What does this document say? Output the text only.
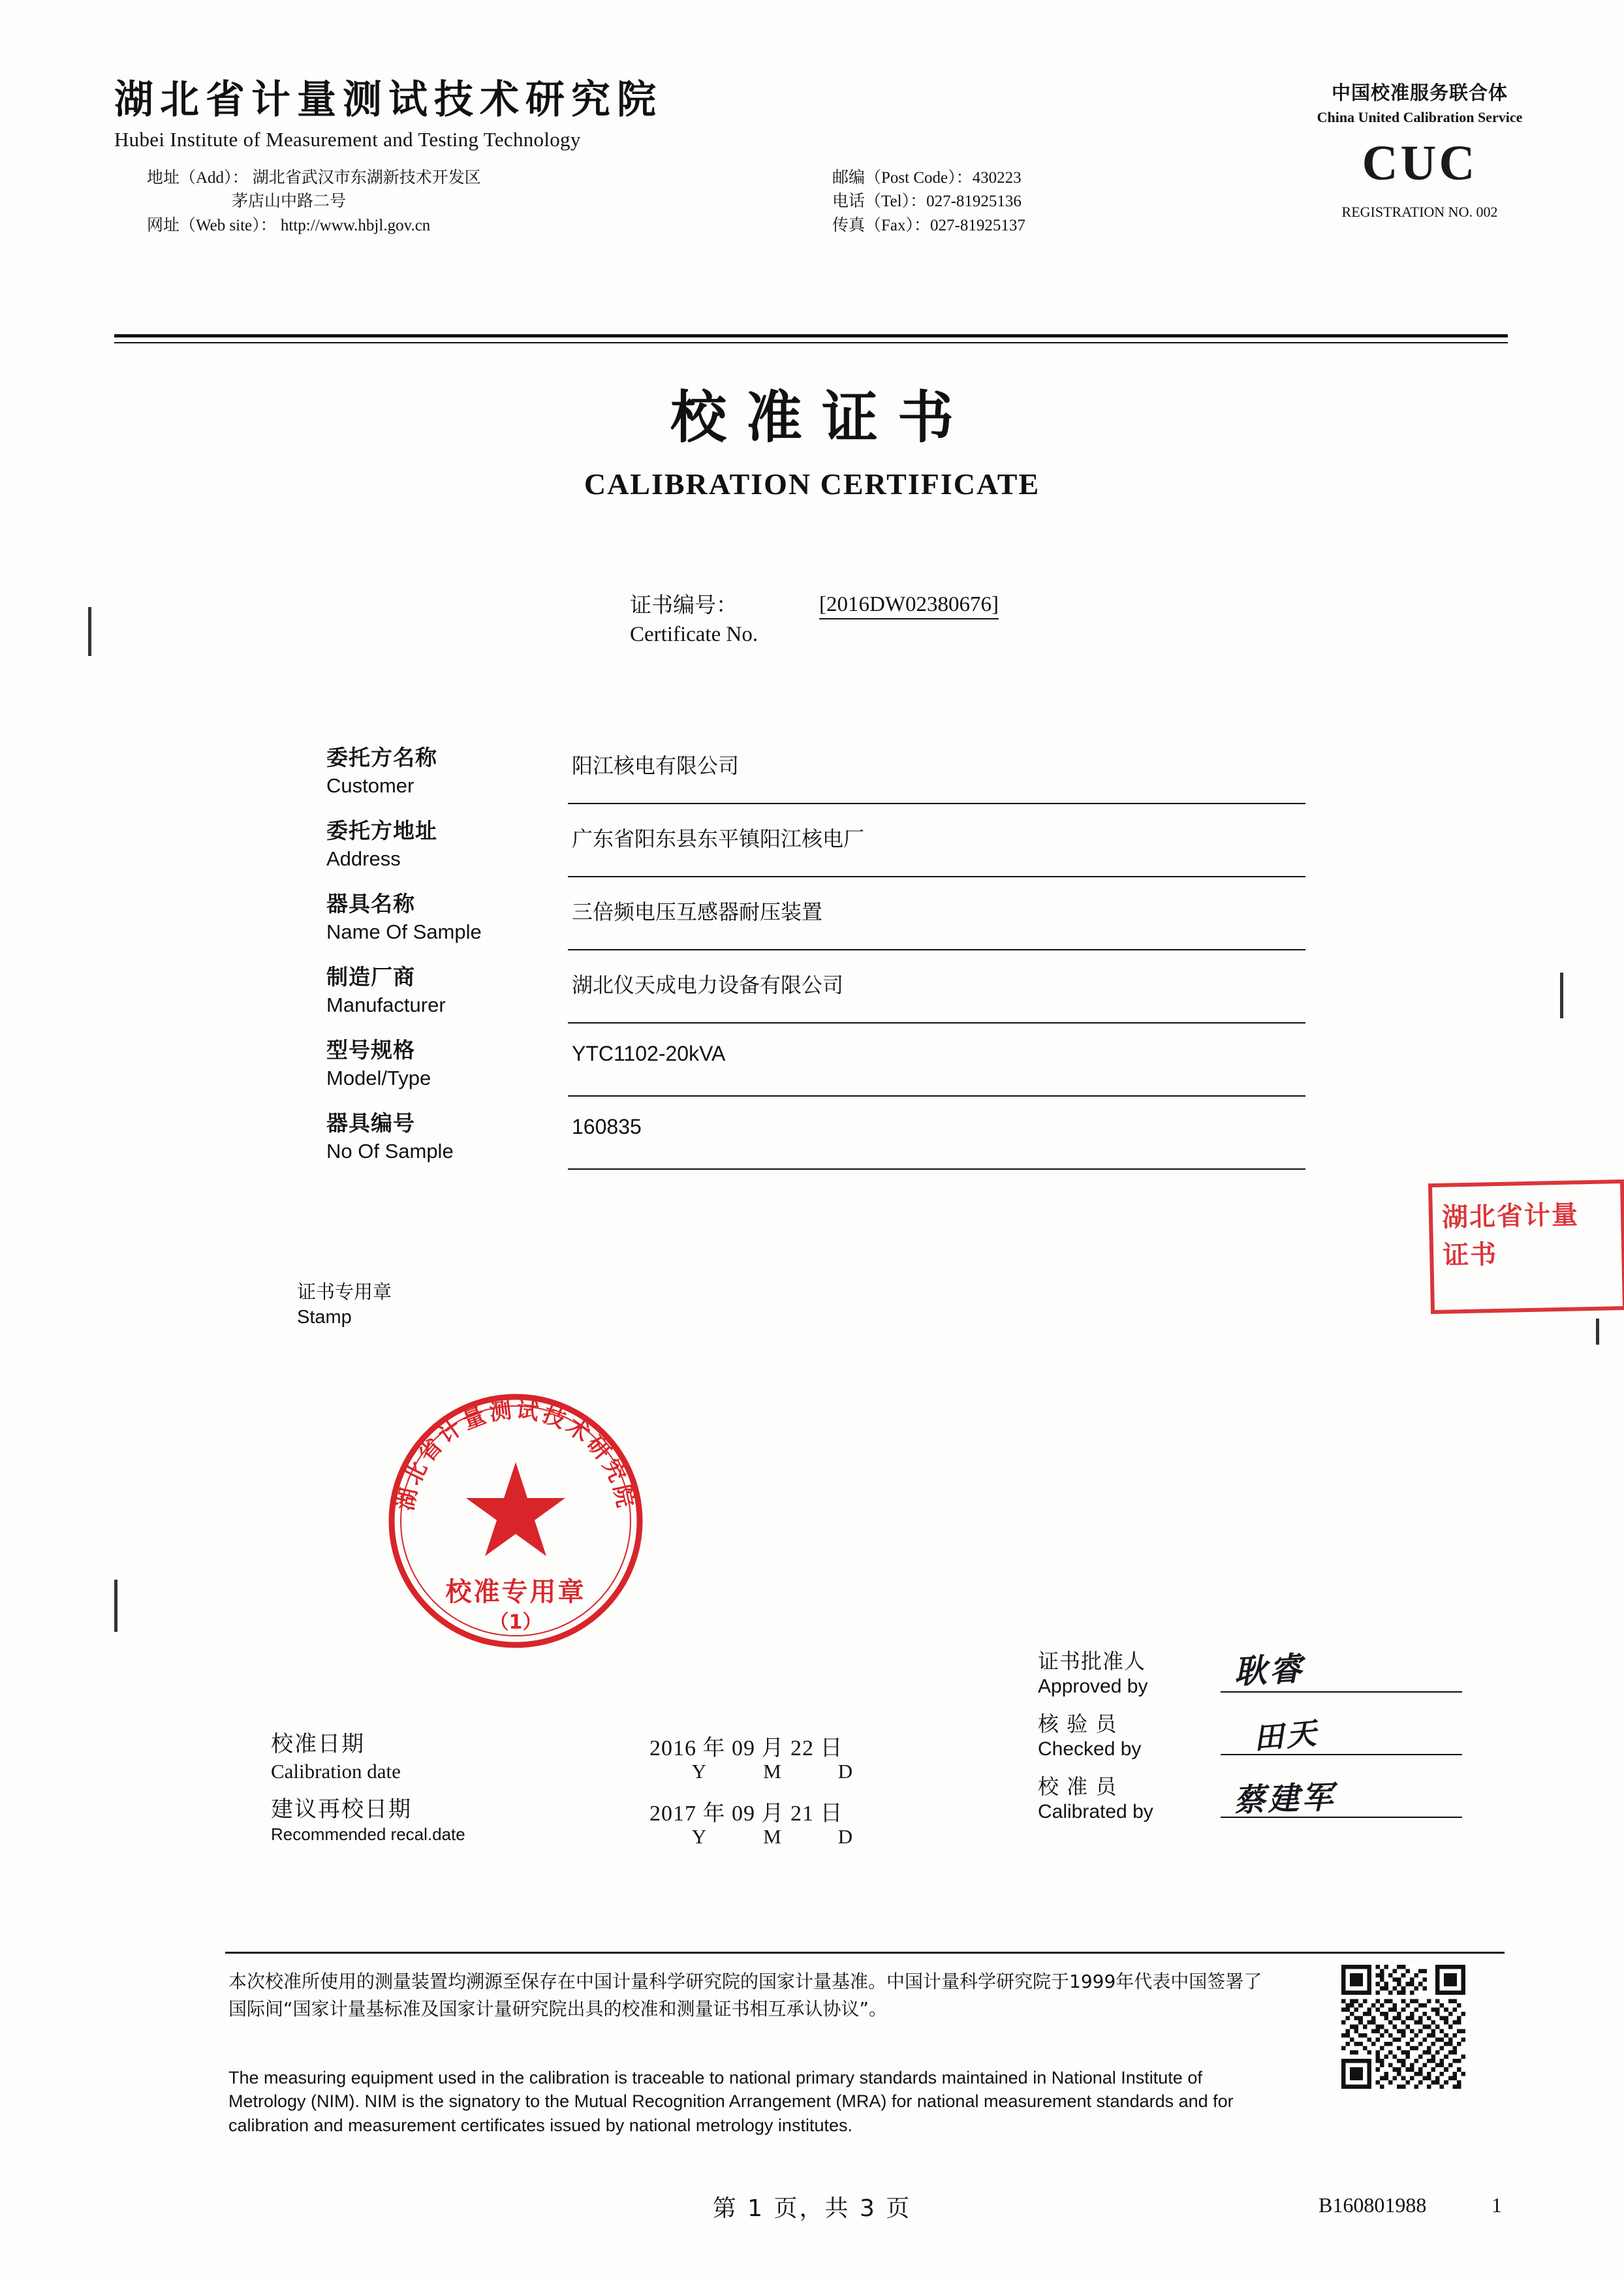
湖北省计量测试技术研究院
Hubei Institute of Measurement and Testing Technology
地址（Add）： 湖北省武汉市东湖新技术开发区
茅店山中路二号
网址（Web site）： http://www.hbjl.gov.cn
邮编（Post Code）：430223
电话（Tel）：027-81925136
传真（Fax）：027-81925137
中国校准服务联合体
China United Calibration Service
CUC
REGISTRATION NO. 002
校准证书
CALIBRATION CERTIFICATE
证书编号：
Certificate No.
[2016DW02380676]
委托方名称
Customer
阳江核电有限公司
委托方地址
Address
广东省阳东县东平镇阳江核电厂
器具名称
Name Of Sample
三倍频电压互感器耐压装置
制造厂商
Manufacturer
湖北仪天成电力设备有限公司
型号规格
Model/Type
YTC1102-20kVA
器具编号
No Of Sample
160835
证书专用章
Stamp
湖北省计量测试技术研究院
校准专用章
（1）
湖北省计量
证书
校准日期
Calibration date
2016 年 09 月 22 日
Y	M	D
建议再校日期
Recommended recal.date
2017 年 09 月 21 日
Y	M	D
证书批准人
Approved by	耿睿
核 验 员
Checked by	田天
校 准 员
Calibrated by	蔡建军
本次校准所使用的测量装置均溯源至保存在中国计量科学研究院的国家计量基准。中国计量科学研究院于1999年代表中国签署了国际间“国家计量基标准及国家计量研究院出具的校准和测量证书相互承认协议”。
The measuring equipment used in the calibration is traceable to national primary standards maintained in National Institute of Metrology (NIM). NIM is the signatory to the Mutual Recognition Arrangement (MRA) for national measurement standards and for calibration and measurement certificates issued by national metrology institutes.
第 1 页，共 3 页	B160801988	1
